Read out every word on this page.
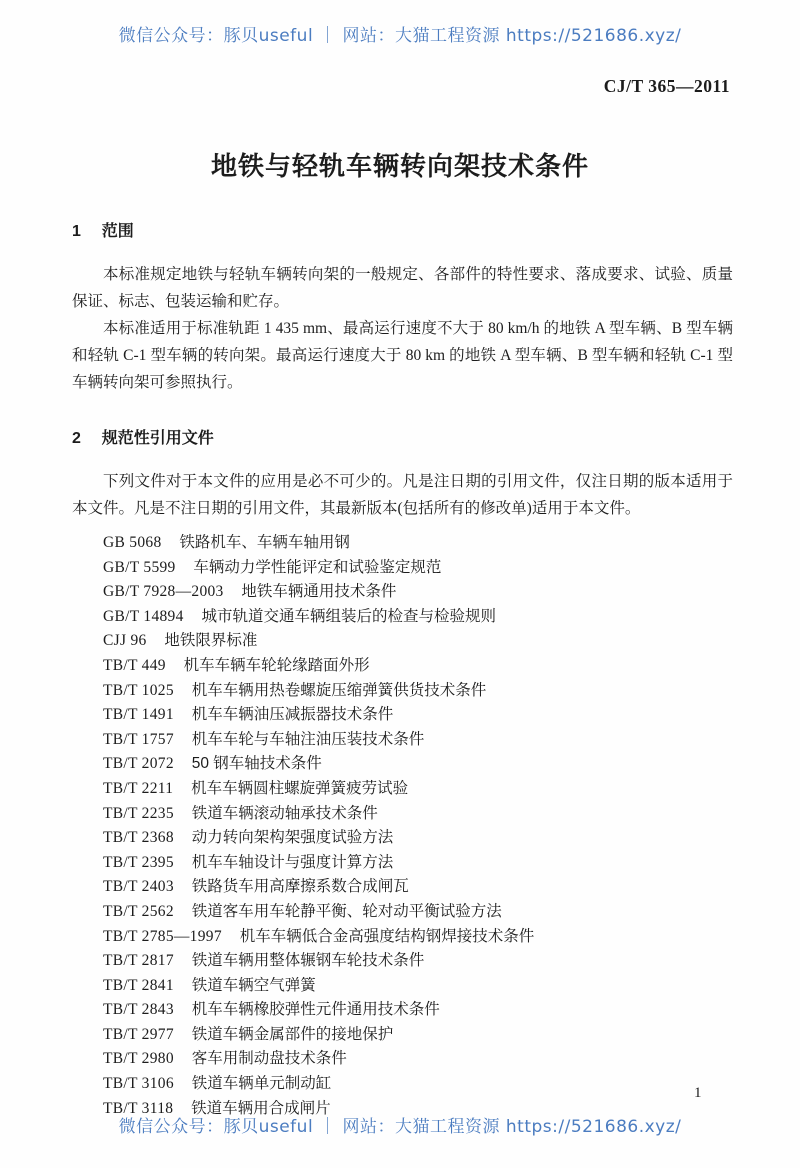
微信公众号：豚贝useful ｜ 网站：大猫工程资源 https://521686.xyz/
CJ/T 365—2011
地铁与轻轨车辆转向架技术条件
1 范围

本标准规定地铁与轻轨车辆转向架的一般规定、各部件的特性要求、落成要求、试验、质量保证、标志、包装运输和贮存。

本标准适用于标准轨距 1 435 mm、最高运行速度不大于 80 km/h 的地铁 A 型车辆、B 型车辆和轻轨 C-1 型车辆的转向架。最高运行速度大于 80 km 的地铁 A 型车辆、B 型车辆和轻轨 C-1 型车辆转向架可参照执行。

2 规范性引用文件

下列文件对于本文件的应用是必不可少的。凡是注日期的引用文件，仅注日期的版本适用于本文件。凡是不注日期的引用文件，其最新版本(包括所有的修改单)适用于本文件。

GB 5068 铁路机车、车辆车轴用钢
GB/T 5599 车辆动力学性能评定和试验鉴定规范
GB/T 7928—2003 地铁车辆通用技术条件
GB/T 14894 城市轨道交通车辆组装后的检查与检验规则
CJJ 96 地铁限界标准
TB/T 449 机车车辆车轮轮缘踏面外形
TB/T 1025 机车车辆用热卷螺旋压缩弹簧供货技术条件
TB/T 1491 机车车辆油压减振器技术条件
TB/T 1757 机车车轮与车轴注油压装技术条件
TB/T 2072 50 钢车轴技术条件
TB/T 2211 机车车辆圆柱螺旋弹簧疲劳试验
TB/T 2235 铁道车辆滚动轴承技术条件
TB/T 2368 动力转向架构架强度试验方法
TB/T 2395 机车车轴设计与强度计算方法
TB/T 2403 铁路货车用高摩擦系数合成闸瓦
TB/T 2562 铁道客车用车轮静平衡、轮对动平衡试验方法
TB/T 2785—1997 机车车辆低合金高强度结构钢焊接技术条件
TB/T 2817 铁道车辆用整体辗钢车轮技术条件
TB/T 2841 铁道车辆空气弹簧
TB/T 2843 机车车辆橡胶弹性元件通用技术条件
TB/T 2977 铁道车辆金属部件的接地保护
TB/T 2980 客车用制动盘技术条件
TB/T 3106 铁道车辆单元制动缸
TB/T 3118 铁道车辆用合成闸片
1
微信公众号：豚贝useful ｜ 网站：大猫工程资源 https://521686.xyz/
